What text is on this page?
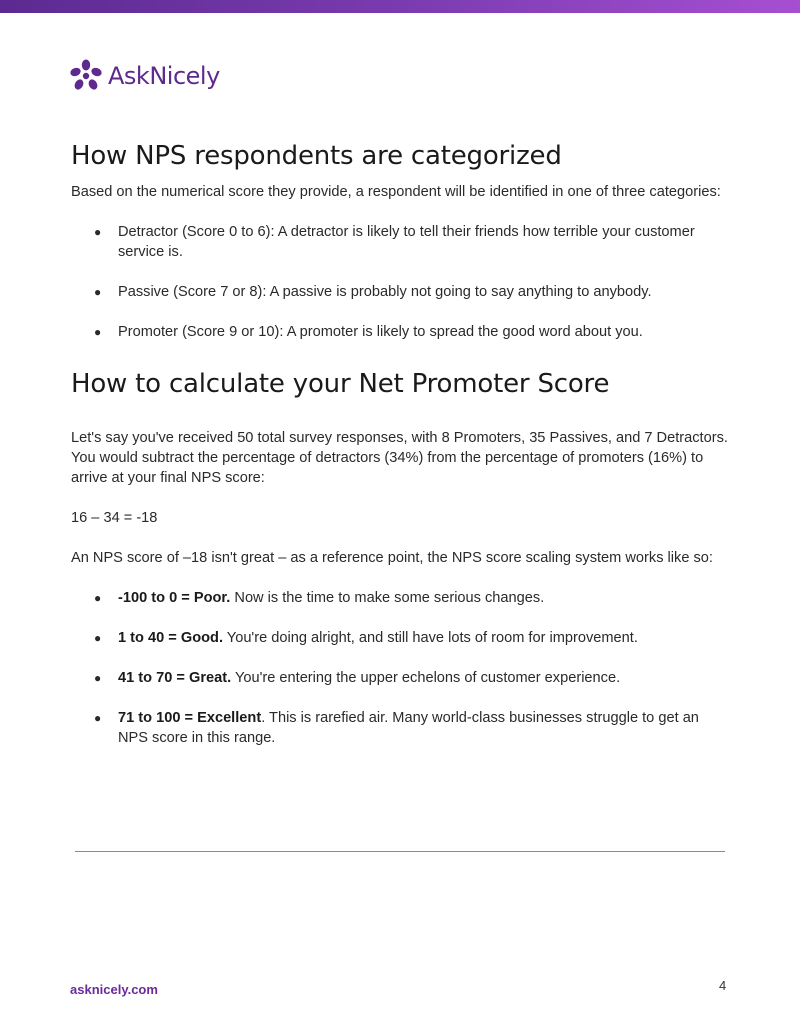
AskNicely
How NPS respondents are categorized

Based on the numerical score they provide, a respondent will be identified in one of three categories:

● Detractor (Score 0 to 6): A detractor is likely to tell their friends how terrible your customer service is.
● Passive (Score 7 or 8): A passive is probably not going to say anything to anybody.
● Promoter (Score 9 or 10): A promoter is likely to spread the good word about you.
How to calculate your Net Promoter Score

Let's say you've received 50 total survey responses, with 8 Promoters, 35 Passives, and 7 Detractors. You would subtract the percentage of detractors (34%) from the percentage of promoters (16%) to arrive at your final NPS score:

16 – 34 = -18

An NPS score of –18 isn't great – as a reference point, the NPS score scaling system works like so:

● -100 to 0 = Poor. Now is the time to make some serious changes.
● 1 to 40 = Good. You're doing alright, and still have lots of room for improvement.
● 41 to 70 = Great. You're entering the upper echelons of customer experience.
● 71 to 100 = Excellent. This is rarefied air. Many world-class businesses struggle to get an NPS score in this range.
asknicely.com	4
